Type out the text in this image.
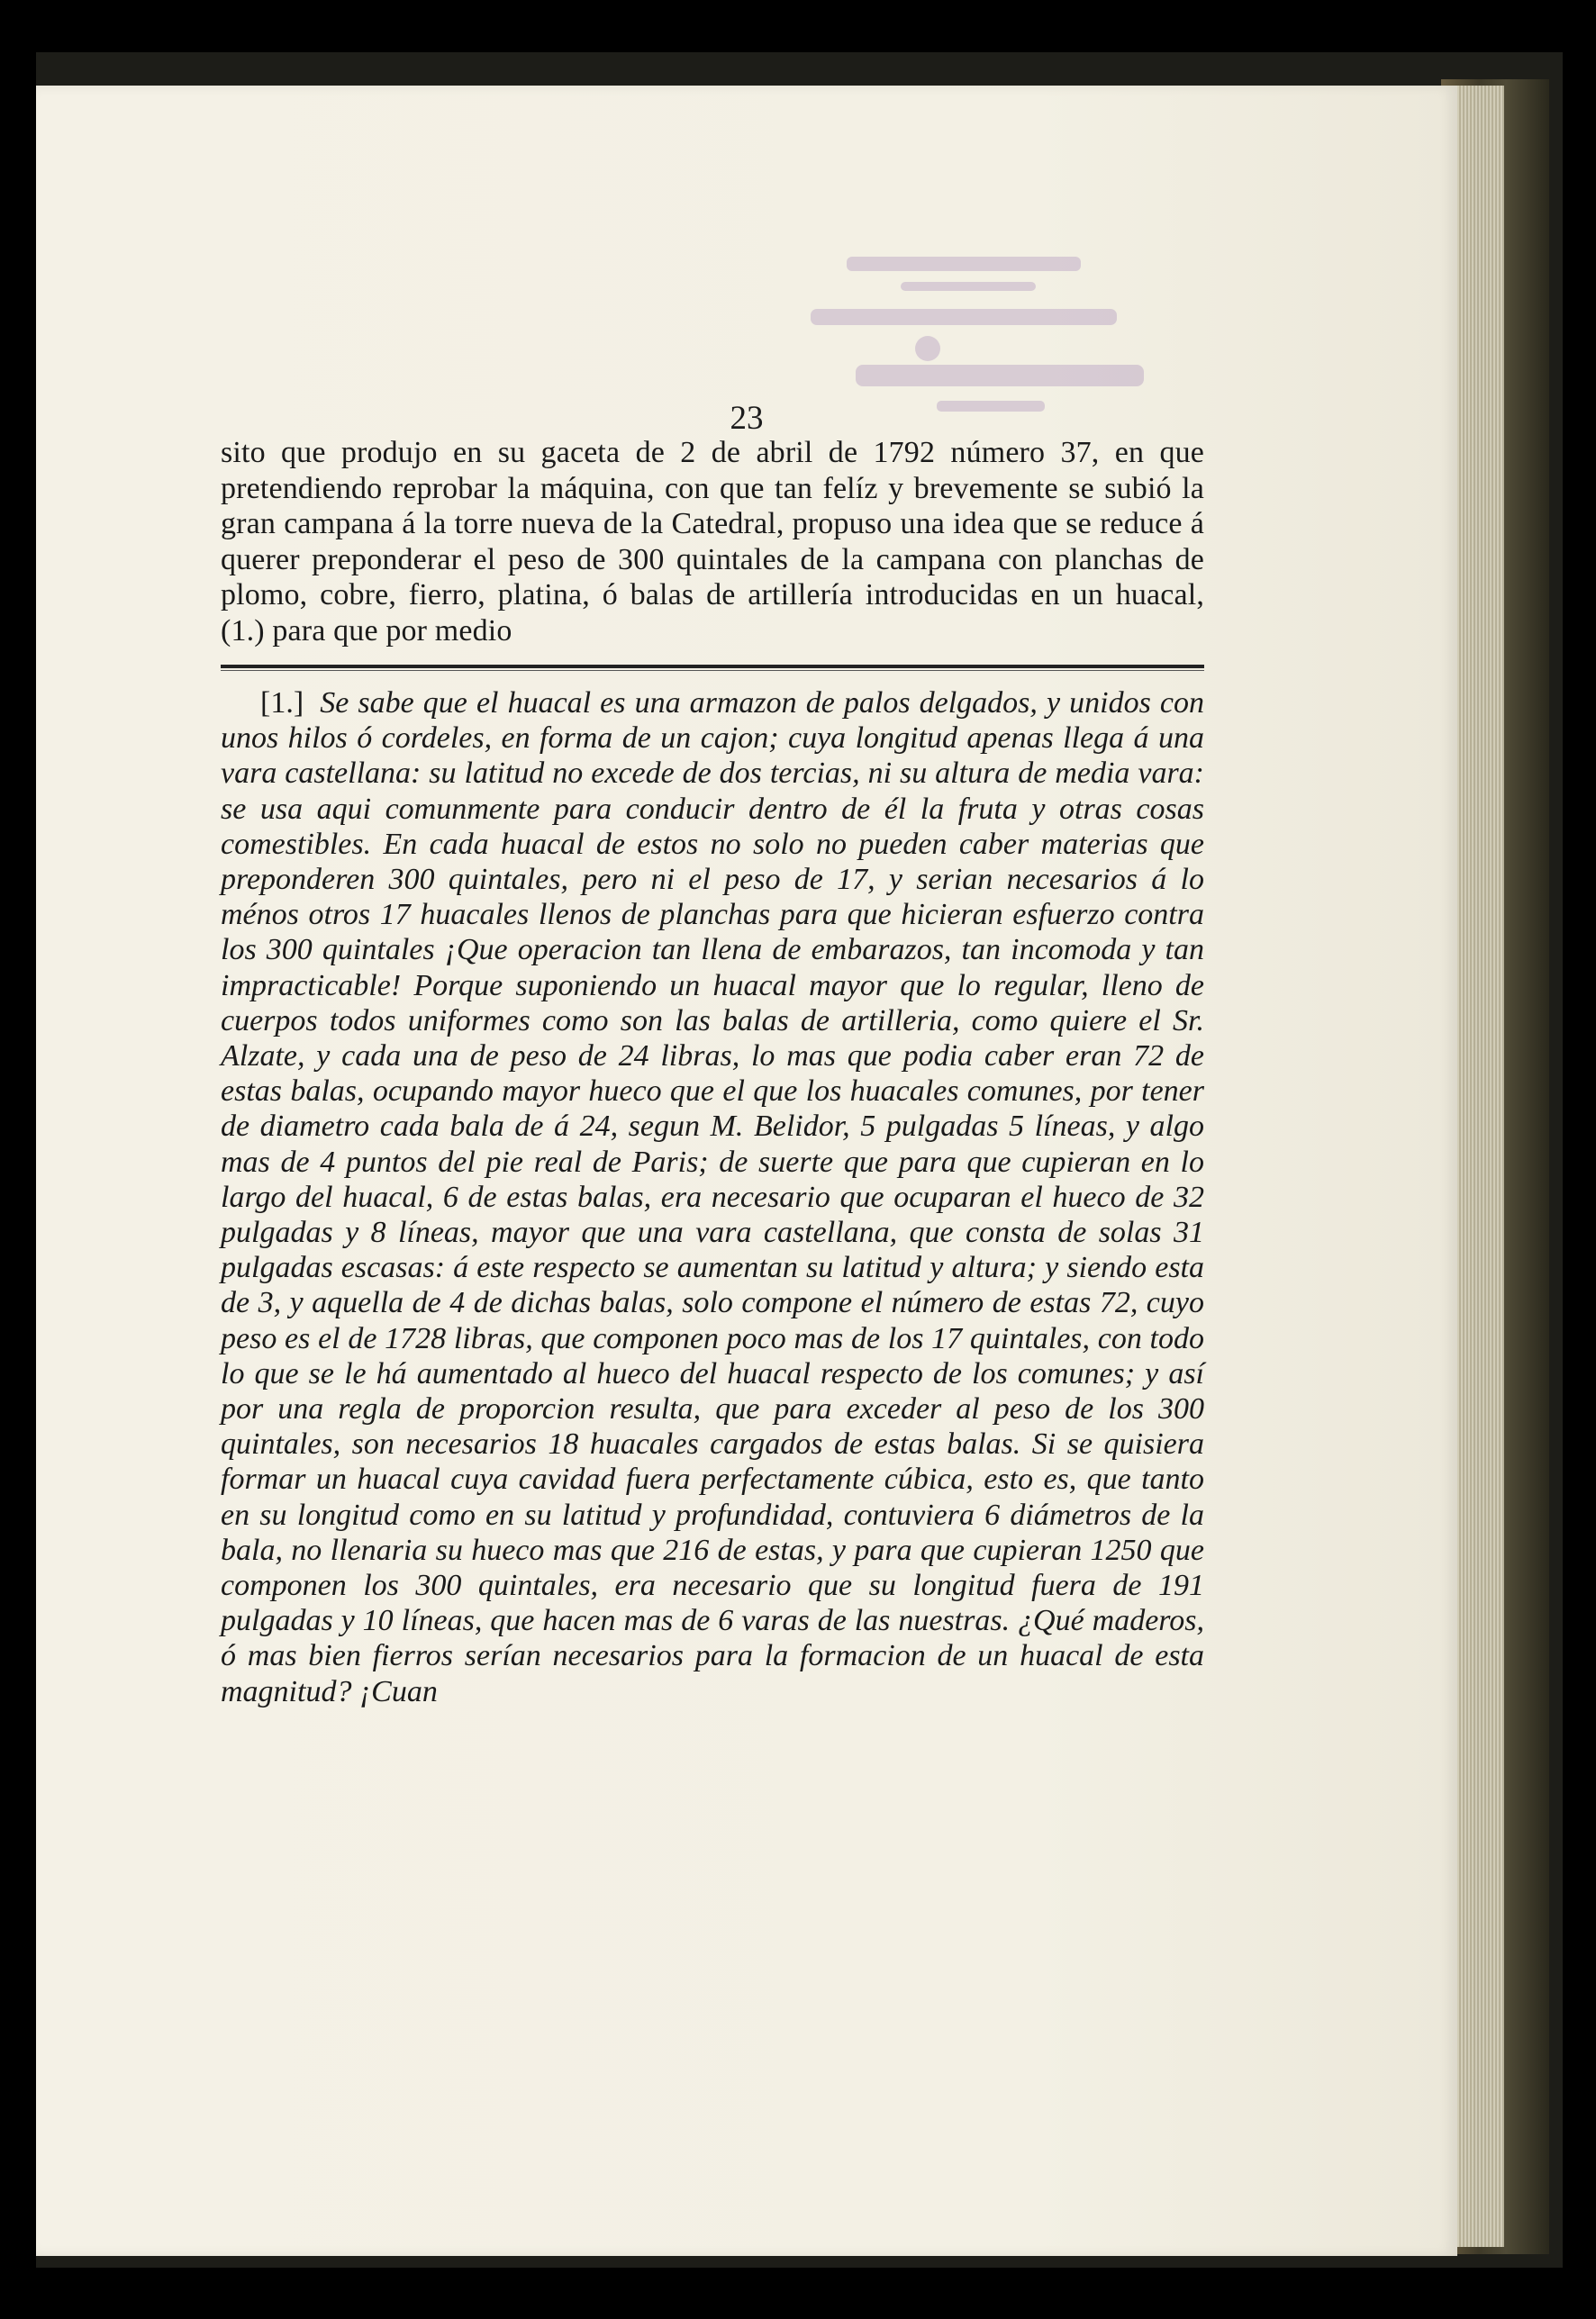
23

sito que produjo en su gaceta de 2 de abril de 1792 número 37, en que pretendiendo reprobar la máquina, con que tan felíz y brevemente se subió la gran campana á la torre nueva de la Catedral, propuso una idea que se reduce á querer preponderar el peso de 300 quintales de la campana con planchas de plomo, cobre, fierro, platina, ó balas de artillería introducidas en un huacal, (1.) para que por medio

[1.] Se sabe que el huacal es una armazon de palos delgados, y unidos con unos hilos ó cordeles, en forma de un cajon; cuya longitud apenas llega á una vara castellana: su latitud no excede de dos tercias, ni su altura de media vara: se usa aqui comunmente para conducir dentro de él la fruta y otras cosas comestibles. En cada huacal de estos no solo no pueden caber materias que preponderen 300 quintales, pero ni el peso de 17, y serian necesarios á lo ménos otros 17 huacales llenos de planchas para que hicieran esfuerzo contra los 300 quintales ¡Que operacion tan llena de embarazos, tan incomoda y tan impracticable! Porque suponiendo un huacal mayor que lo regular, lleno de cuerpos todos uniformes como son las balas de artilleria, como quiere el Sr. Alzate, y cada una de peso de 24 libras, lo mas que podia caber eran 72 de estas balas, ocupando mayor hueco que el que los huacales comunes, por tener de diametro cada bala de á 24, segun M. Belidor, 5 pulgadas 5 líneas, y algo mas de 4 puntos del pie real de Paris; de suerte que para que cupieran en lo largo del huacal, 6 de estas balas, era necesario que ocuparan el hueco de 32 pulgadas y 8 líneas, mayor que una vara castellana, que consta de solas 31 pulgadas escasas: á este respecto se aumentan su latitud y altura; y siendo esta de 3, y aquella de 4 de dichas balas, solo compone el número de estas 72, cuyo peso es el de 1728 libras, que componen poco mas de los 17 quintales, con todo lo que se le há aumentado al hueco del huacal respecto de los comunes; y así por una regla de proporcion resulta, que para exceder al peso de los 300 quintales, son necesarios 18 huacales cargados de estas balas. Si se quisiera formar un huacal cuya cavidad fuera perfectamente cúbica, esto es, que tanto en su longitud como en su latitud y profundidad, contuviera 6 diámetros de la bala, no llenaria su hueco mas que 216 de estas, y para que cupieran 1250 que componen los 300 quintales, era necesario que su longitud fuera de 191 pulgadas y 10 líneas, que hacen mas de 6 varas de las nuestras. ¿Qué maderos, ó mas bien fierros serían necesarios para la formacion de un huacal de esta magnitud? ¡Cuan
